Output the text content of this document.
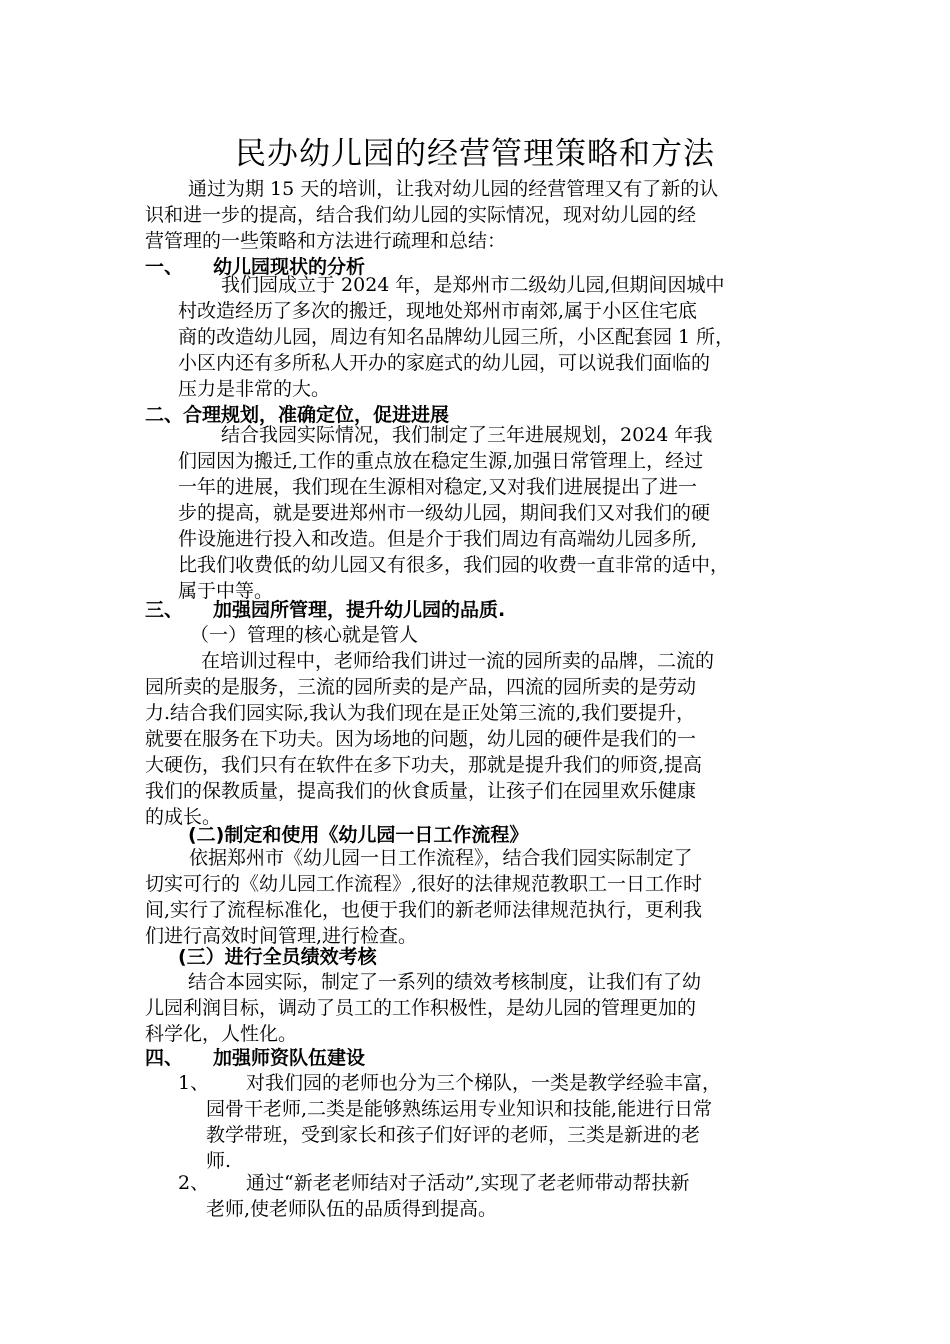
民办幼儿园的经营管理策略和方法
通过为期 15 天的培训，让我对幼儿园的经营管理又有了新的认
识和进一步的提高，结合我们幼儿园的实际情况，现对幼儿园的经
营管理的一些策略和方法进行疏理和总结：
一、 幼儿园现状的分析
我们园成立于 2024 年，是郑州市二级幼儿园,但期间因城中
村改造经历了多次的搬迁，现地处郑州市南郊,属于小区住宅底
商的改造幼儿园，周边有知名品牌幼儿园三所，小区配套园 1 所，
小区内还有多所私人开办的家庭式的幼儿园，可以说我们面临的
压力是非常的大。
二、合理规划，准确定位，促进进展
结合我园实际情况，我们制定了三年进展规划，2024 年我
们园因为搬迁,工作的重点放在稳定生源,加强日常管理上，经过
一年的进展，我们现在生源相对稳定,又对我们进展提出了进一
步的提高，就是要进郑州市一级幼儿园，期间我们又对我们的硬
件设施进行投入和改造。但是介于我们周边有高端幼儿园多所,
比我们收费低的幼儿园又有很多，我们园的收费一直非常的适中，
属于中等。
三、 加强园所管理，提升幼儿园的品质.
（一）管理的核心就是管人
在培训过程中，老师给我们讲过一流的园所卖的品牌，二流的
园所卖的是服务，三流的园所卖的是产品，四流的园所卖的是劳动
力.结合我们园实际,我认为我们现在是正处第三流的,我们要提升，
就要在服务在下功夫。因为场地的问题，幼儿园的硬件是我们的一
大硬伤，我们只有在软件在多下功夫，那就是提升我们的师资,提高
我们的保教质量，提高我们的伙食质量，让孩子们在园里欢乐健康
的成长。
(二)制定和使用《幼儿园一日工作流程》
依据郑州市《幼儿园一日工作流程》，结合我们园实际制定了
切实可行的《幼儿园工作流程》,很好的法律规范教职工一日工作时
间,实行了流程标准化，也便于我们的新老师法律规范执行，更利我
们进行高效时间管理,进行检查。
(三）进行全员绩效考核
结合本园实际，制定了一系列的绩效考核制度，让我们有了幼
儿园利润目标，调动了员工的工作积极性，是幼儿园的管理更加的
科学化，人性化。
四、 加强师资队伍建设
1、	对我们园的老师也分为三个梯队，一类是教学经验丰富，
园骨干老师,二类是能够熟练运用专业知识和技能,能进行日常
教学带班，受到家长和孩子们好评的老师，三类是新进的老
师.
2、	通过“新老老师结对子活动”,实现了老老师带动帮扶新
老师,使老师队伍的品质得到提高。
